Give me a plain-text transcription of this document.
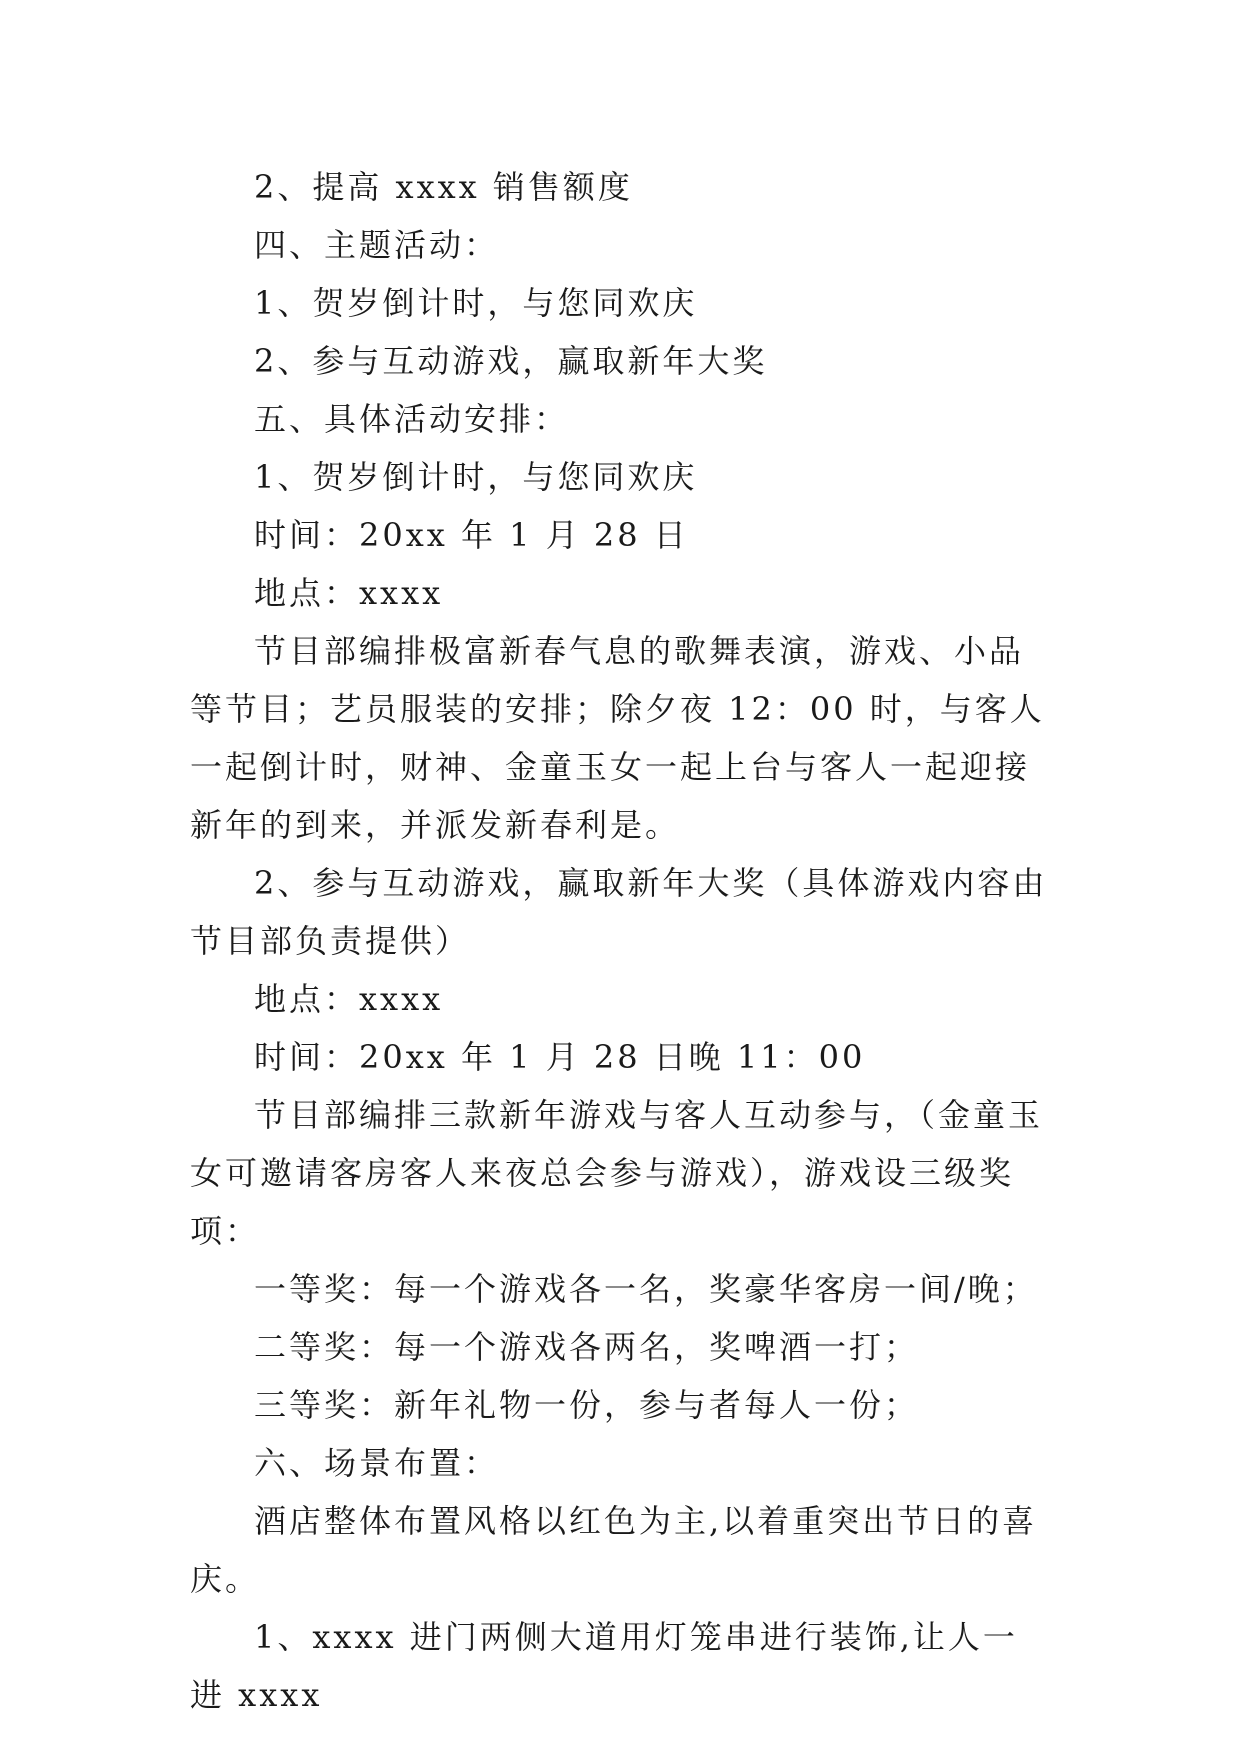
2、提高 xxxx 销售额度

四、主题活动：

1、贺岁倒计时，与您同欢庆

2、参与互动游戏，赢取新年大奖

五、具体活动安排：

1、贺岁倒计时，与您同欢庆

时间：20xx 年 1 月 28 日

地点：xxxx

节目部编排极富新春气息的歌舞表演，游戏、小品等节目；艺员服装的安排；除夕夜 12：00 时，与客人一起倒计时，财神、金童玉女一起上台与客人一起迎接新年的到来，并派发新春利是。

2、参与互动游戏，赢取新年大奖（具体游戏内容由节目部负责提供）

地点：xxxx

时间：20xx 年 1 月 28 日晚 11：00

节目部编排三款新年游戏与客人互动参与，（金童玉女可邀请客房客人来夜总会参与游戏），游戏设三级奖项：

一等奖：每一个游戏各一名，奖豪华客房一间/晚；

二等奖：每一个游戏各两名，奖啤酒一打；

三等奖：新年礼物一份，参与者每人一份；

六、场景布置：

酒店整体布置风格以红色为主,以着重突出节日的喜庆。

1、xxxx 进门两侧大道用灯笼串进行装饰,让人一进 xxxx
